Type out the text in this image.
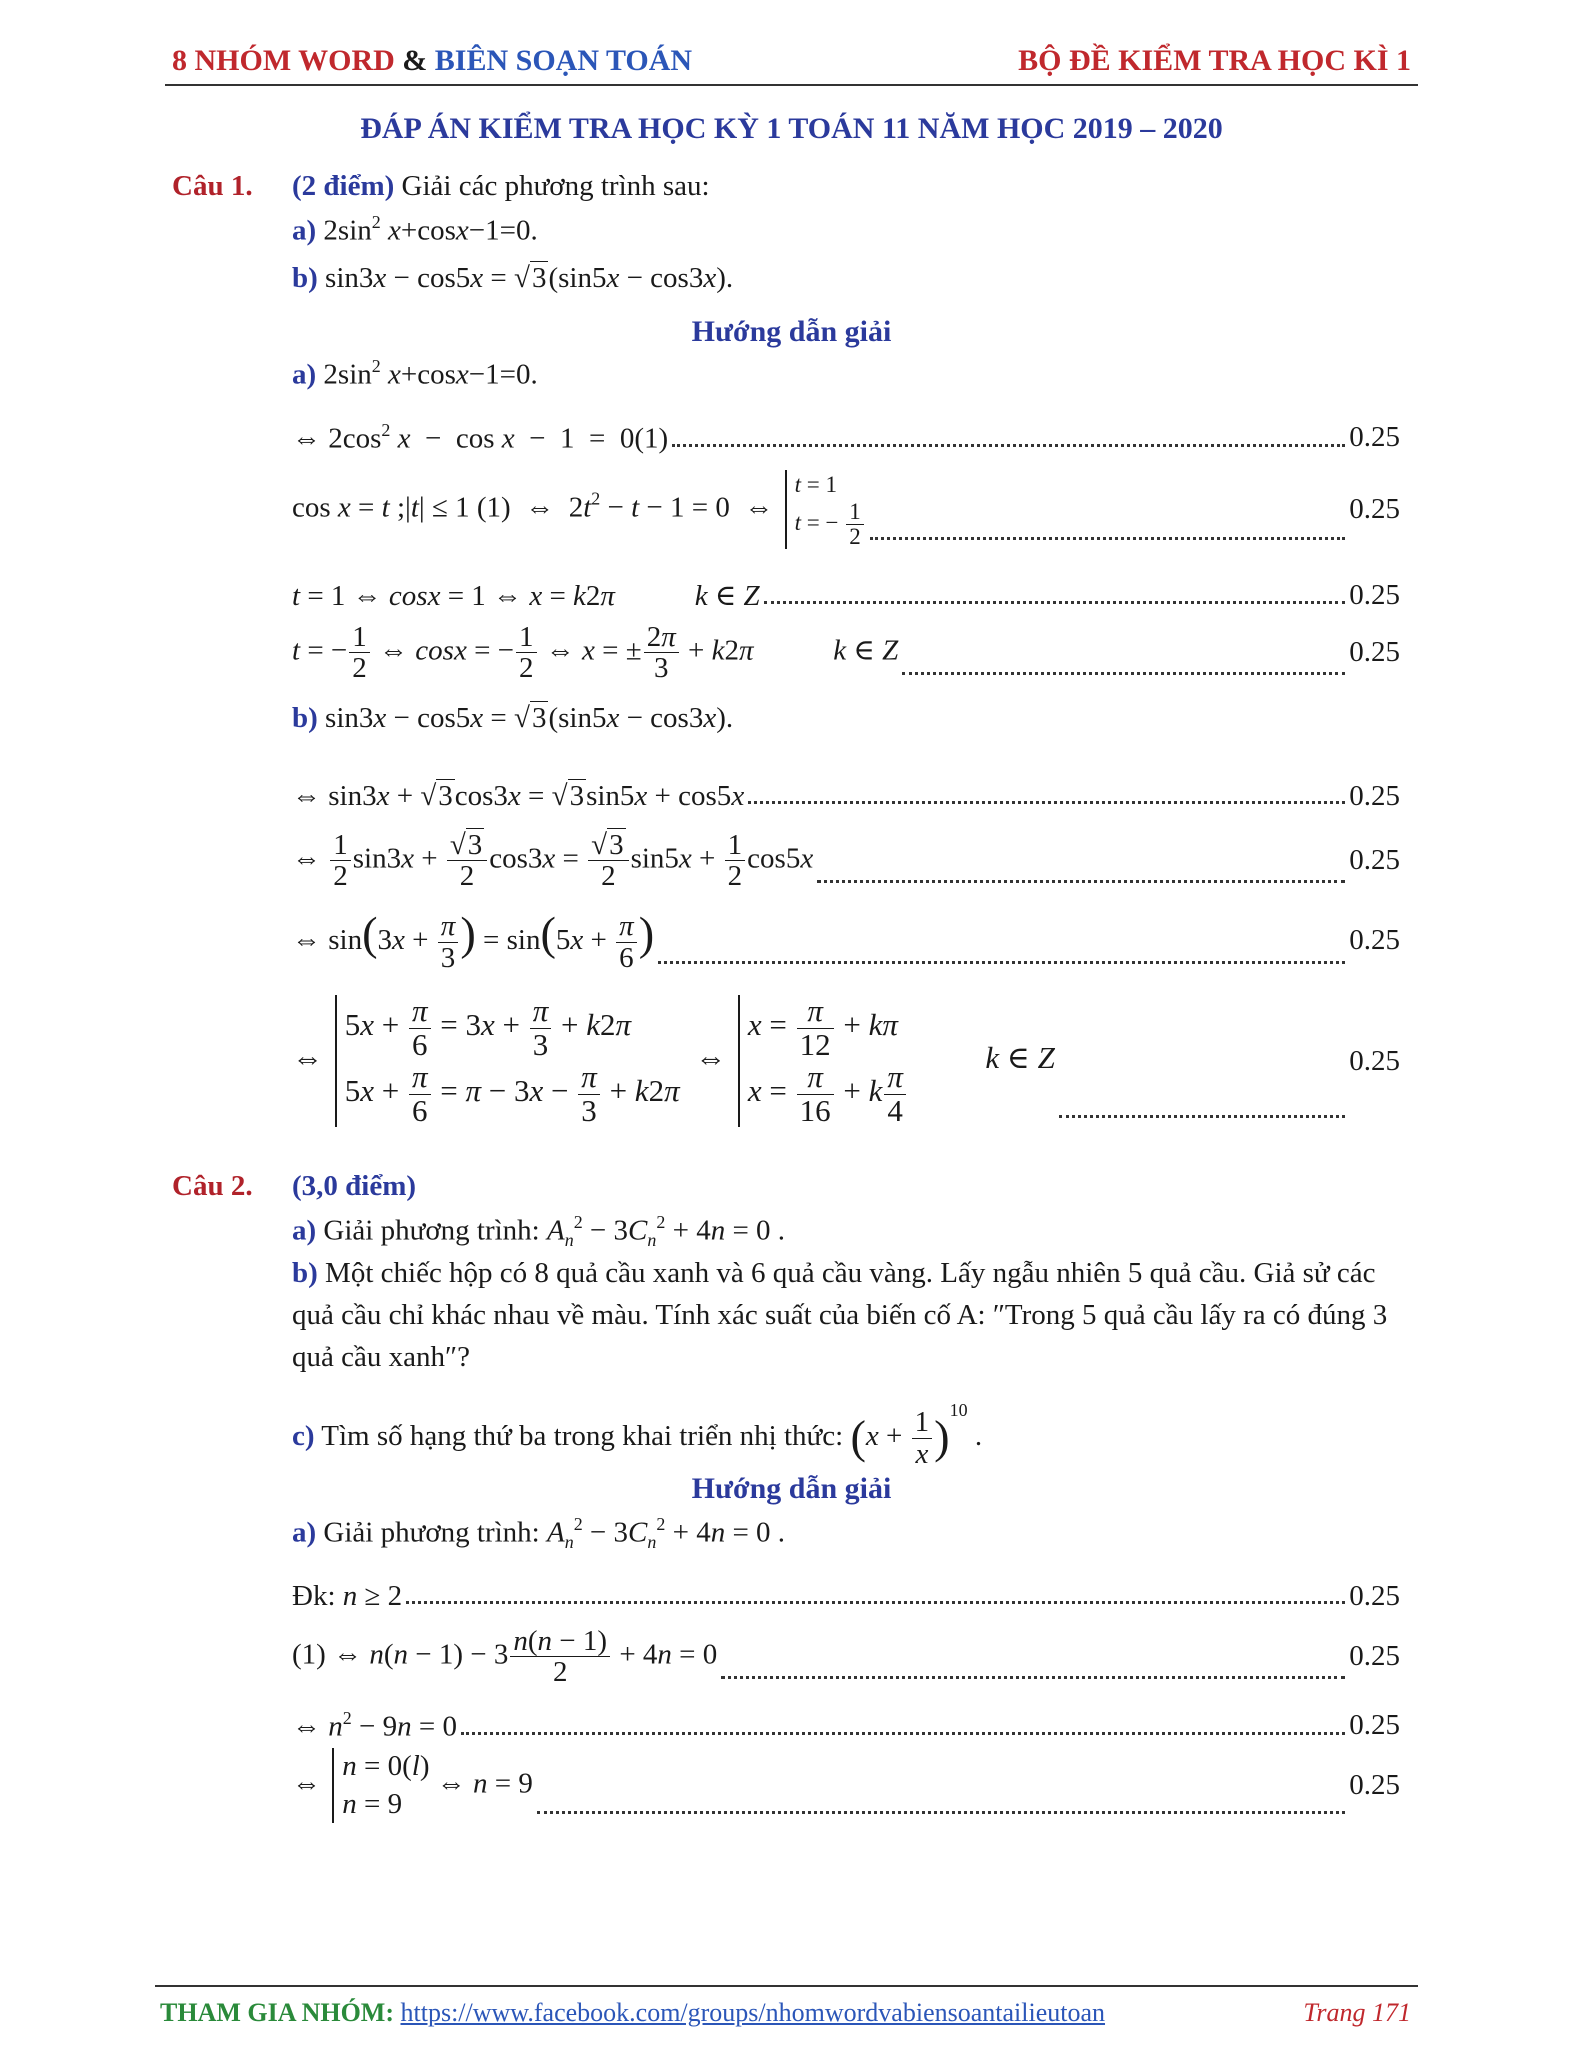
8 NHÓM WORD & BIÊN SOẠN TOÁN	BỘ ĐỀ KIỂM TRA HỌC KÌ 1
ĐÁP ÁN KIỂM TRA HỌC KỲ 1 TOÁN 11 NĂM HỌC 2019 – 2020
Câu 1. (2 điểm) Giải các phương trình sau:
a) $2\sin^2$ x+cosx−1=0.
b) sin3x − cos5x = √3(sin5x − cos3x).
Hướng dẫn giải
a) $2\sin^2$ x+cosx−1=0.
⇔ $2\cos^2$ x  −  cos x  −  1  =  0(1)	0.25
cos x = t ;|t| ≤ 1 (1)  ⇔  $2t^2 - t - 1 = 0$  ⇔
t = 1
t = − $\frac{1}{2}$	0.25
t = 1 ⇔ cosx = 1 ⇔ x = k2π	k ∈ Z	0.25
t = − $\frac{1}{2}$ ⇔ cosx = − $\frac{1}{2}$ ⇔ x = ± $\frac{2\pi}{3} + k2\pi$	k ∈ Z	0.25
b) sin3x − cos5x = √3(sin5x − cos3x).
⇔ sin3x + √3cos3x = √3sin5x + cos5x	0.25
⇔ $\frac{1}{2} \sin 3x + \frac{√3}{2} \cos 3x = \frac{√3}{2} \sin 5x + \frac{1}{2} \cos 5x$	0.25
⇔ $\sin(3x + \frac{\pi}{3}$ ) = $\sin(5x + \frac{\pi}{6}$ )	0.25
⇔
$5x + \frac{\pi}{6} = 3x + \frac{\pi}{3} + k2\pi$
$5x + \frac{\pi}{6} = \pi - 3x - \frac{\pi}{3} + k2\pi$
⇔
$x = \frac{\pi}{12} + k\pi$
$x = \frac{\pi}{16} + k \frac{\pi}{4}$
k ∈ Z	0.25
Câu 2. (3,0 điểm)
a) Giải phương trình: $A_n^2 - 3C_n^2 + 4n = 0$ .
b) Một chiếc hộp có 8 quả cầu xanh và 6 quả cầu vàng. Lấy ngẫu nhiên 5 quả cầu. Giả sử các quả cầu chỉ khác nhau về màu. Tính xác suất của biến cố A: ″Trong 5 quả cầu lấy ra có đúng 3 quả cầu xanh″?
c) Tìm số hạng thứ ba trong khai triển nhị thức: $(x + \frac{1}{x} )^{10}$ .
Hướng dẫn giải
a) Giải phương trình: $A_n^2 - 3C_n^2 + 4n = 0$ .
Đk: n ≥ 2	0.25
(1) ⇔ $n(n - 1) - 3 \frac{n(n - 1)}{2} + 4n = 0$	0.25
⇔ $n^2 - 9n = 0$	0.25
⇔
n = 0(l)
n = 9
⇔ n = 9	0.25
THAM GIA NHÓM: https://www.facebook.com/groups/nhomwordvabiensoantailieutoan	Trang 171
